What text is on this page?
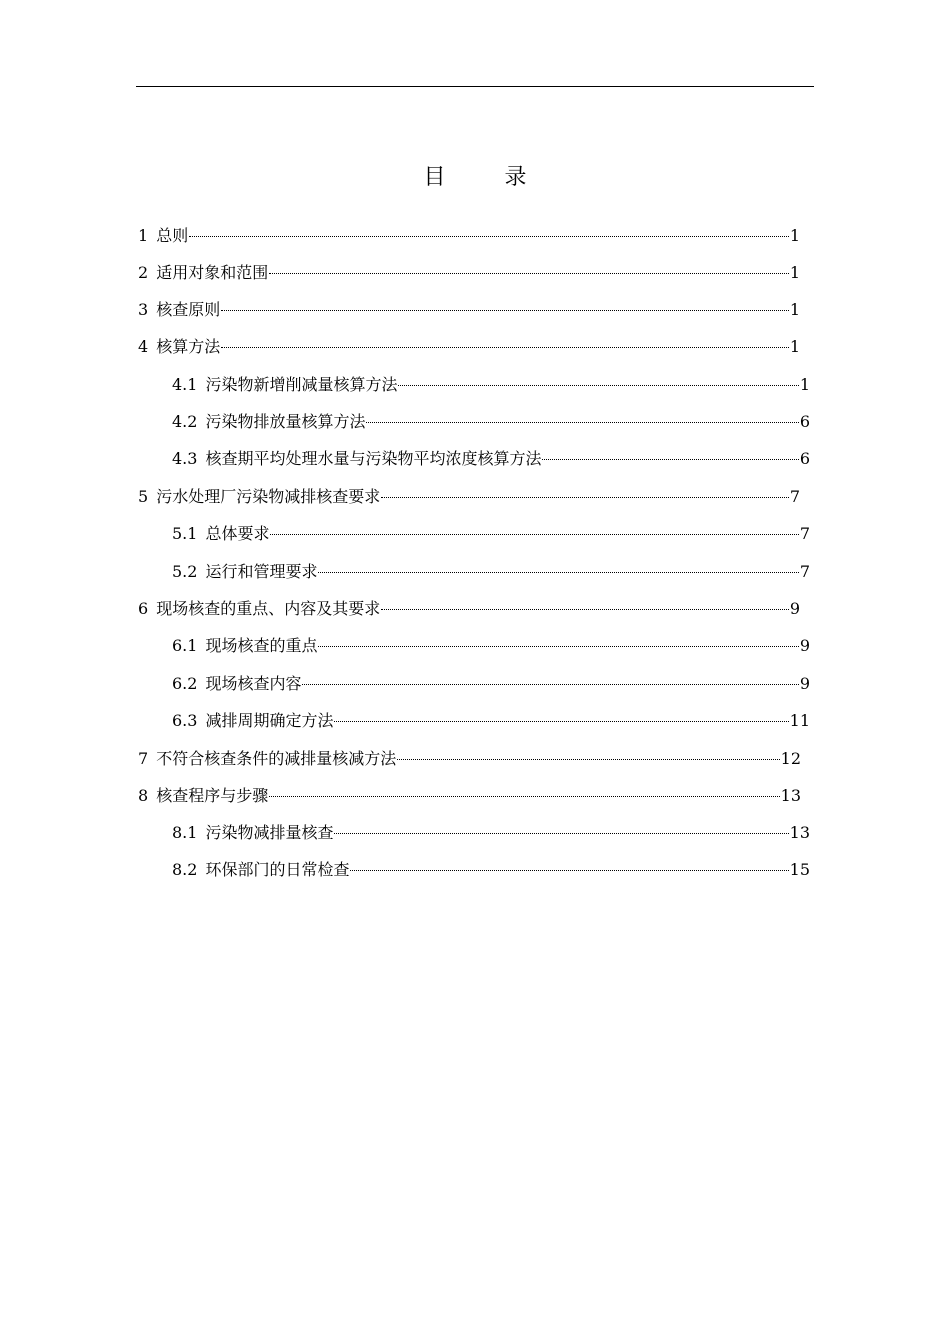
目 录
1 总则	1
2 适用对象和范围	1
3 核查原则	1
4 核算方法	1
4.1 污染物新增削减量核算方法	1
4.2 污染物排放量核算方法	6
4.3 核查期平均处理水量与污染物平均浓度核算方法	6
5 污水处理厂污染物减排核查要求	7
5.1 总体要求	7
5.2 运行和管理要求	7
6 现场核查的重点、内容及其要求	9
6.1 现场核查的重点	9
6.2 现场核查内容	9
6.3 减排周期确定方法	11
7 不符合核查条件的减排量核减方法	12
8 核查程序与步骤	13
8.1 污染物减排量核查	13
8.2 环保部门的日常检查	15
